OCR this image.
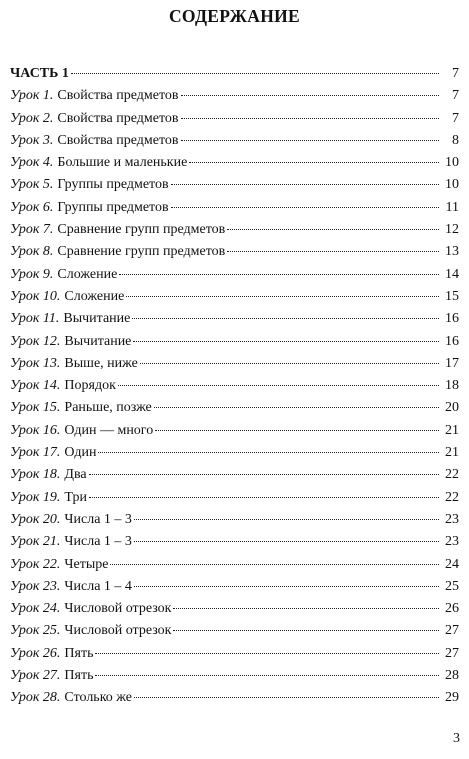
СОДЕРЖАНИЕ
ЧАСТЬ 1	7
Урок 1. Свойства предметов	7
Урок 2. Свойства предметов	7
Урок 3. Свойства предметов	8
Урок 4. Большие и маленькие	10
Урок 5. Группы предметов	10
Урок 6. Группы предметов	11
Урок 7. Сравнение групп предметов	12
Урок 8. Сравнение групп предметов	13
Урок 9. Сложение	14
Урок 10. Сложение	15
Урок 11. Вычитание	16
Урок 12. Вычитание	16
Урок 13. Выше, ниже	17
Урок 14. Порядок	18
Урок 15. Раньше, позже	20
Урок 16. Один — много	21
Урок 17. Один	21
Урок 18. Два	22
Урок 19. Три	22
Урок 20. Числа 1 – 3	23
Урок 21. Числа 1 – 3	23
Урок 22. Четыре	24
Урок 23. Числа 1 – 4	25
Урок 24. Числовой отрезок	26
Урок 25. Числовой отрезок	27
Урок 26. Пять	27
Урок 27. Пять	28
Урок 28. Столько же	29
3
